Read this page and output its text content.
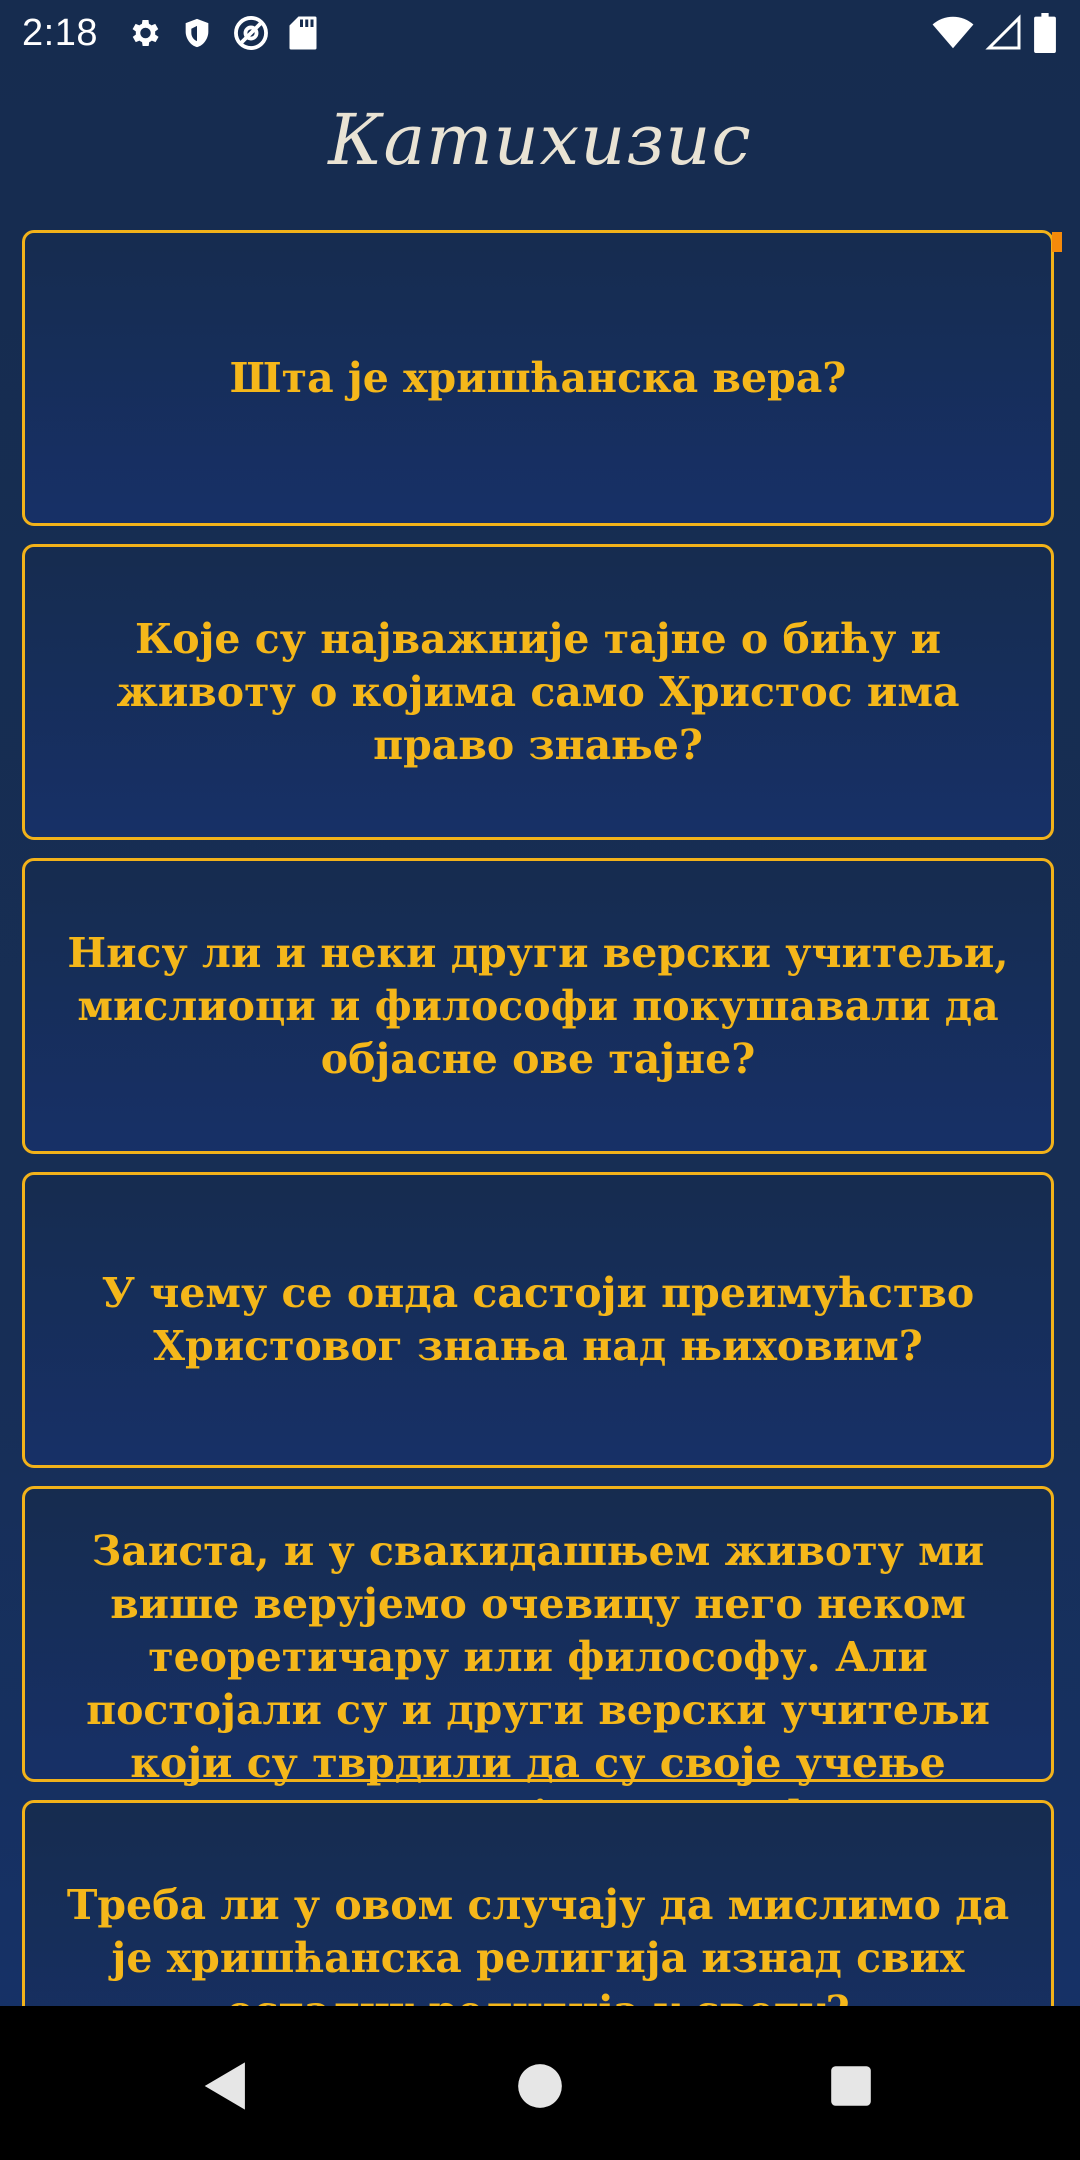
2:18
Катихизис
Шта је хришћанска вера?
Које су најважније тајне о бићу и животу о којима само Христос има право знање?
Нису ли и неки други верски учитељи, мислиоци и философи покушавали да објасне ове тајне?
У чему се онда састоји преимућство Христовог знања над њиховим?
Заиста, и у свакидашњем животу ми више верујемо очевицу него неком теоретичару или философу. Али постојали су и други верски учитељи који су тврдили да су своје учење
Треба ли у овом случају да мислимо да је хришћанска религија изнад свих
